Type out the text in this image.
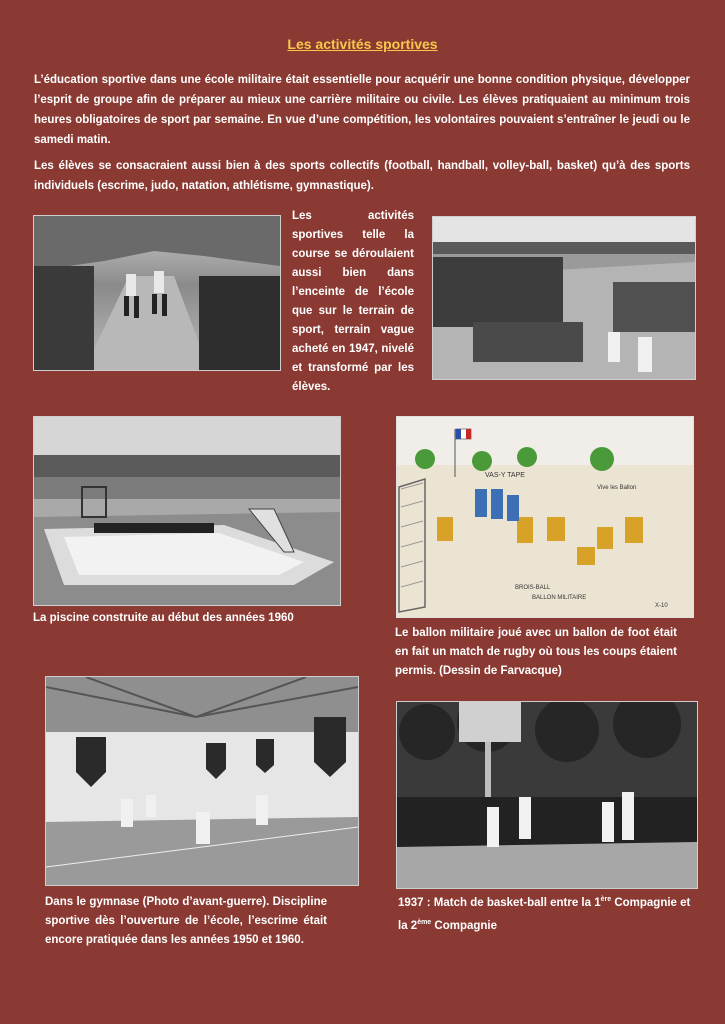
Les activités sportives

L’éducation sportive dans une école militaire était essentielle pour acquérir une bonne condition physique, développer l’esprit de groupe afin de préparer au mieux une carrière militaire ou civile. Les élèves pratiquaient au minimum trois heures obligatoires de sport par semaine. En vue d’une compétition, les volontaires pouvaient s’entraîner le jeudi ou le samedi matin.

Les élèves se consacraient aussi bien à des sports collectifs (football, handball, volley-ball, basket) qu’à des sports individuels (escrime, judo, natation, athlétisme, gymnastique).

Les activités sportives telle la course se déroulaient aussi bien dans l’enceinte de l’école que sur le terrain de sport, terrain vague acheté en 1947, nivelé et transformé par les élèves.

La piscine construite au début des années 1960

VAS-Y TAPE
Vive les Ballon
BROIS-BALL
BALLON MILITAIRE
X-10

Le ballon militaire joué avec un ballon de foot était en fait un match de rugby où tous les coups étaient permis. (Dessin de Farvacque)

Dans le gymnase (Photo d’avant-guerre). Discipline sportive dès l’ouverture de l’école, l’escrime était encore pratiquée dans les années 1950 et 1960.

1937 : Match de basket-ball entre la 1ère Compagnie et la 2ème Compagnie
